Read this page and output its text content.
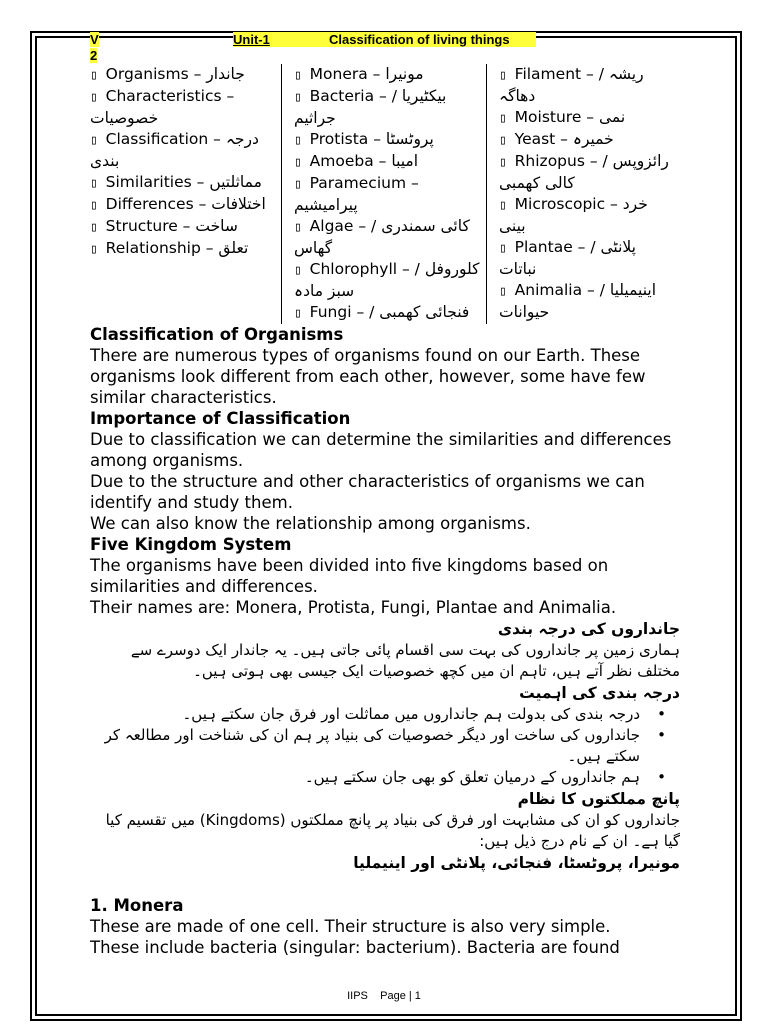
V	Unit-1	Classification of living things
2
▯ Organisms – جاندار
▯ Characteristics – خصوصیات
▯ Classification – درجہ بندی
▯ Similarities – مماثلتیں
▯ Differences – اختلافات
▯ Structure – ساخت
▯ Relationship – تعلق
▯ Monera – مونیرا
▯ Bacteria – / بیکٹیریا جراثیم
▯ Protista – پروٹسٹا
▯ Amoeba – امیبا
▯ Paramecium – پیرامیشیم
▯ Algae – / کائی سمندری گھاس
▯ Chlorophyll – کلوروفل / سبز مادہ
▯ Fungi – / فنجائی کھمبی
▯ Filament – / ریشہ دھاگہ
▯ Moisture – نمی
▯ Yeast – خمیرہ
▯ Rhizopus – رائزوپس / کالی کھمبی
▯ Microscopic – خرد بینی
▯ Plantae – / پلانٹی نباتات
▯ Animalia – اینیمیلیا / حیوانات
Classification of Organisms
There are numerous types of organisms found on our Earth. These organisms look different from each other, however, some have few similar characteristics.
Importance of Classification
Due to classification we can determine the similarities and differences among organisms.
Due to the structure and other characteristics of organisms we can identify and study them.
We can also know the relationship among organisms.
Five Kingdom System
The organisms have been divided into five kingdoms based on similarities and differences.
Their names are: Monera, Protista, Fungi, Plantae and Animalia.
جانداروں کی درجہ بندی
ہماری زمین پر جانداروں کی بہت سی اقسام پائی جاتی ہیں۔ یہ جاندار ایک دوسرے سے مختلف نظر آتے ہیں، تاہم ان میں کچھ خصوصیات ایک جیسی بھی ہوتی ہیں۔
درجہ بندی کی اہمیت
• درجہ بندی کی بدولت ہم جانداروں میں مماثلت اور فرق جان سکتے ہیں۔
• جانداروں کی ساخت اور دیگر خصوصیات کی بنیاد پر ہم ان کی شناخت اور مطالعہ کر سکتے ہیں۔
• ہم جانداروں کے درمیان تعلق کو بھی جان سکتے ہیں۔
پانچ مملکتوں کا نظام
جانداروں کو ان کی مشابہت اور فرق کی بنیاد پر پانچ مملکتوں (Kingdoms) میں تقسیم کیا گیا ہے۔ ان کے نام درج ذیل ہیں:
مونیرا، پروٹسٹا، فنجائی، پلانٹی اور اینیملیا
1. Monera
These are made of one cell. Their structure is also very simple.
These include bacteria (singular: bacterium). Bacteria are found
IIPS Page | 1
